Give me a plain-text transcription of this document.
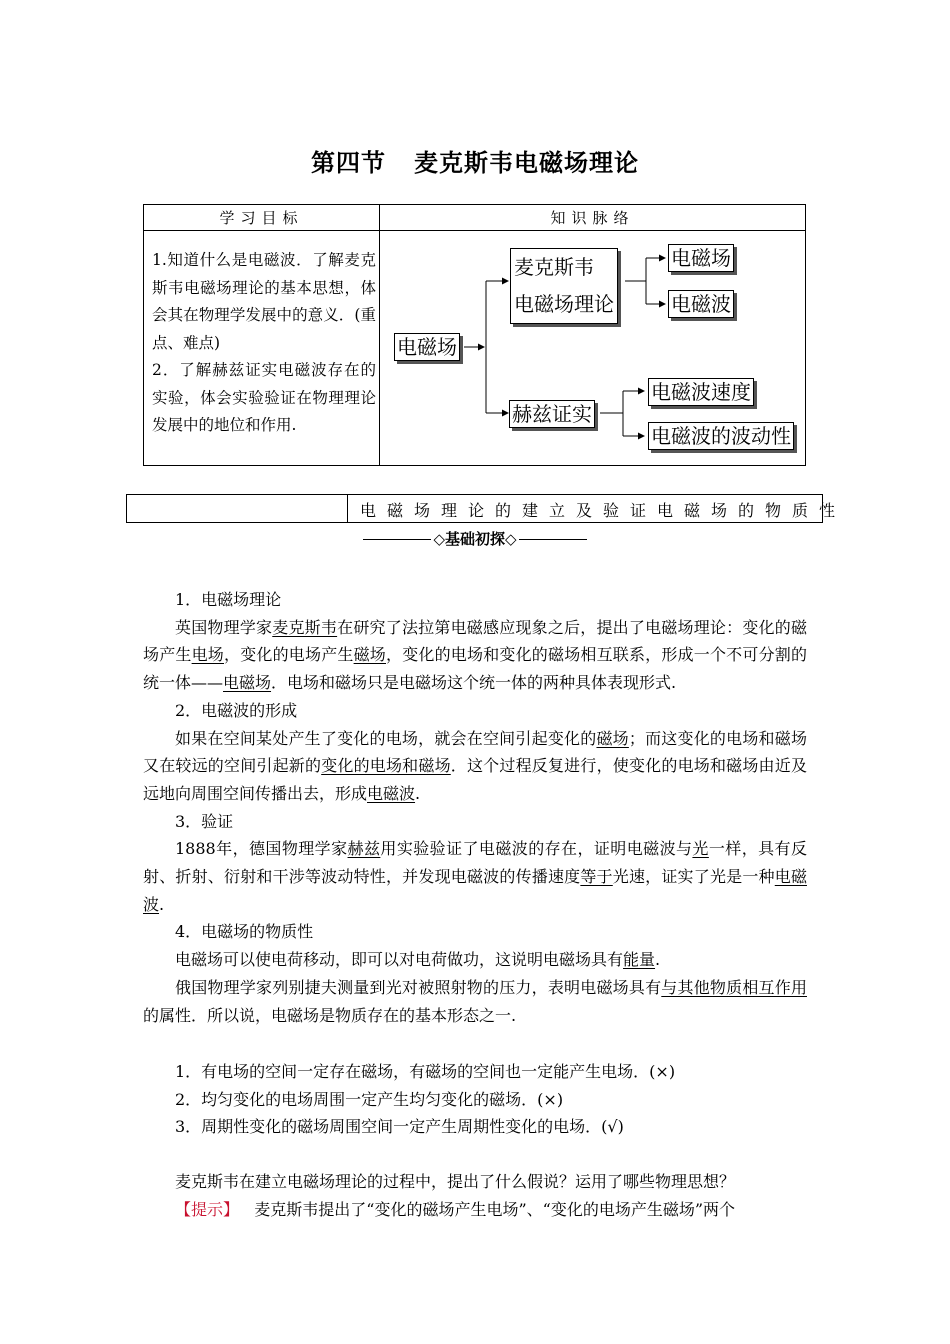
第四节 麦克斯韦电磁场理论
学习目标	知识脉络
1.知道什么是电磁波．了解麦克斯韦电磁场理论的基本思想，体会其在物理学发展中的意义．(重点、难点)
2．了解赫兹证实电磁波存在的实验，体会实验验证在物理理论发展中的地位和作用.
电磁场
麦克斯韦
电磁场理论
电磁场
电磁波
赫兹证实
电磁波速度
电磁波的波动性
电磁场理论的建立及验证电磁场的物质性
◇基础初探◇

1．电磁场理论

英国物理学家麦克斯韦在研究了法拉第电磁感应现象之后，提出了电磁场理论：变化的磁场产生电场，变化的电场产生磁场，变化的电场和变化的磁场相互联系，形成一个不可分割的统一体——电磁场．电场和磁场只是电磁场这个统一体的两种具体表现形式.

2．电磁波的形成

如果在空间某处产生了变化的电场，就会在空间引起变化的磁场；而这变化的电场和磁场又在较远的空间引起新的变化的电场和磁场．这个过程反复进行，使变化的电场和磁场由近及远地向周围空间传播出去，形成电磁波.

3．验证

1888年，德国物理学家赫兹用实验验证了电磁波的存在，证明电磁波与光一样，具有反射、折射、衍射和干涉等波动特性，并发现电磁波的传播速度等于光速，证实了光是一种电磁波.

4．电磁场的物质性

电磁场可以使电荷移动，即可以对电荷做功，这说明电磁场具有能量.

俄国物理学家列别捷夫测量到光对被照射物的压力，表明电磁场具有与其他物质相互作用的属性．所以说，电磁场是物质存在的基本形态之一.

1．有电场的空间一定存在磁场，有磁场的空间也一定能产生电场．(×)

2．均匀变化的电场周围一定产生均匀变化的磁场．(×)

3．周期性变化的磁场周围空间一定产生周期性变化的电场．(√)

麦克斯韦在建立电磁场理论的过程中，提出了什么假说？运用了哪些物理思想？

【提示】 麦克斯韦提出了“变化的磁场产生电场”、“变化的电场产生磁场”两个
